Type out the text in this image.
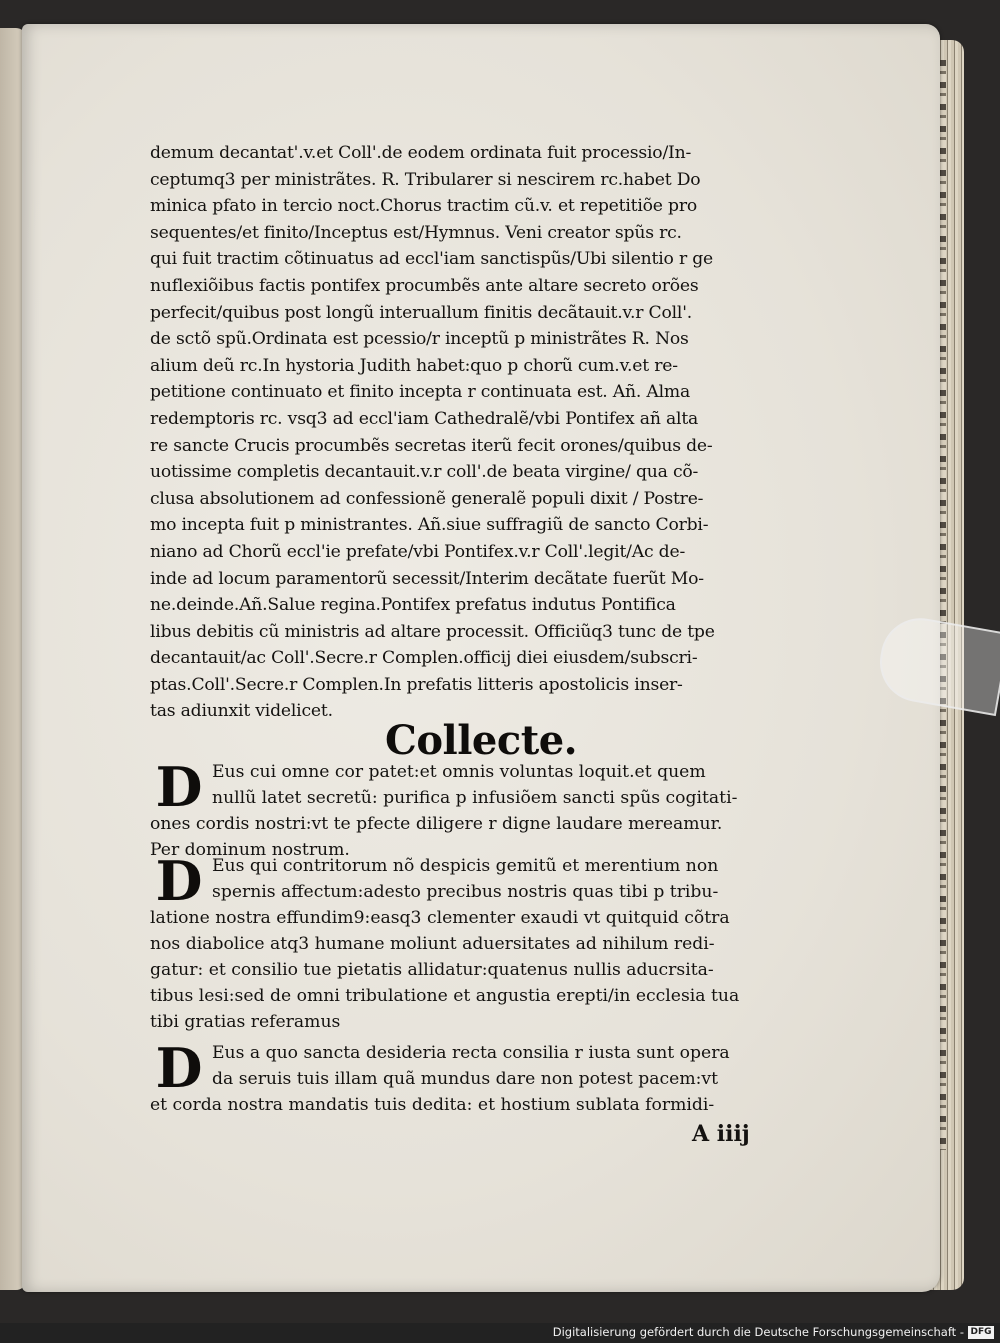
demum decantat'.v.et Coll'.de eodem ordinata fuit processio/In-
ceptumq3 per ministrãtes. R. Tribularer si nescirem rc.habet Do
minica pfato in tercio noct.Chorus tractim cũ.v. et repetitiõe pro
sequentes/et finito/Inceptus est/Hymnus. Veni creator spũs rc.
qui fuit tractim cõtinuatus ad eccl'iam sanctispũs/Ubi silentio r ge
nuflexiõibus factis pontifex procumbẽs ante altare secreto orões
perfecit/quibus post longũ interuallum finitis decãtauit.v.r Coll'.
de sctõ spũ.Ordinata est pcessio/r inceptũ p ministrãtes R. Nos
alium deũ rc.In hystoria Judith habet:quo p chorũ cum.v.et re-
petitione continuato et finito incepta r continuata est. Añ. Alma
redemptoris rc. vsq3 ad eccl'iam Cathedralẽ/vbi Pontifex añ alta
re sancte Crucis procumbẽs secretas iterũ fecit orones/quibus de-
uotissime completis decantauit.v.r coll'.de beata virgine/ qua cõ-
clusa absolutionem ad confessionẽ generalẽ populi dixit / Postre-
mo incepta fuit p ministrantes. Añ.siue suffragiũ de sancto Corbi-
niano ad Chorũ eccl'ie prefate/vbi Pontifex.v.r Coll'.legit/Ac de-
inde ad locum paramentorũ secessit/Interim decãtate fuerũt Mo-
ne.deinde.Añ.Salue regina.Pontifex prefatus indutus Pontifica
libus debitis cũ ministris ad altare processit. Officiũq3 tunc de tpe
decantauit/ac Coll'.Secre.r Complen.officij diei eiusdem/subscri-
ptas.Coll'.Secre.r Complen.In prefatis litteris apostolicis inser-
tas adiunxit videlicet.
Collecte.
D Eus cui omne cor patet:et omnis voluntas loquit.et quem
nullũ latet secretũ: purifica p infusiõem sancti spũs cogitati-
ones cordis nostri:vt te pfecte diligere r digne laudare mereamur.
Per dominum nostrum.
D Eus qui contritorum nõ despicis gemitũ et merentium non
spernis affectum:adesto precibus nostris quas tibi p tribu-
latione nostra effundim9:easq3 clementer exaudi vt quitquid cõtra
nos diabolice atq3 humane moliunt aduersitates ad nihilum redi-
gatur: et consilio tue pietatis allidatur:quatenus nullis aducrsita-
tibus lesi:sed de omni tribulatione et angustia erepti/in ecclesia tua
tibi gratias referamus
D Eus a quo sancta desideria recta consilia r iusta sunt opera
da seruis tuis illam quã mundus dare non potest pacem:vt
et corda nostra mandatis tuis dedita: et hostium sublata formidi-
A iiij
Digitalisierung gefördert durch die Deutsche Forschungsgemeinschaft - DFG
